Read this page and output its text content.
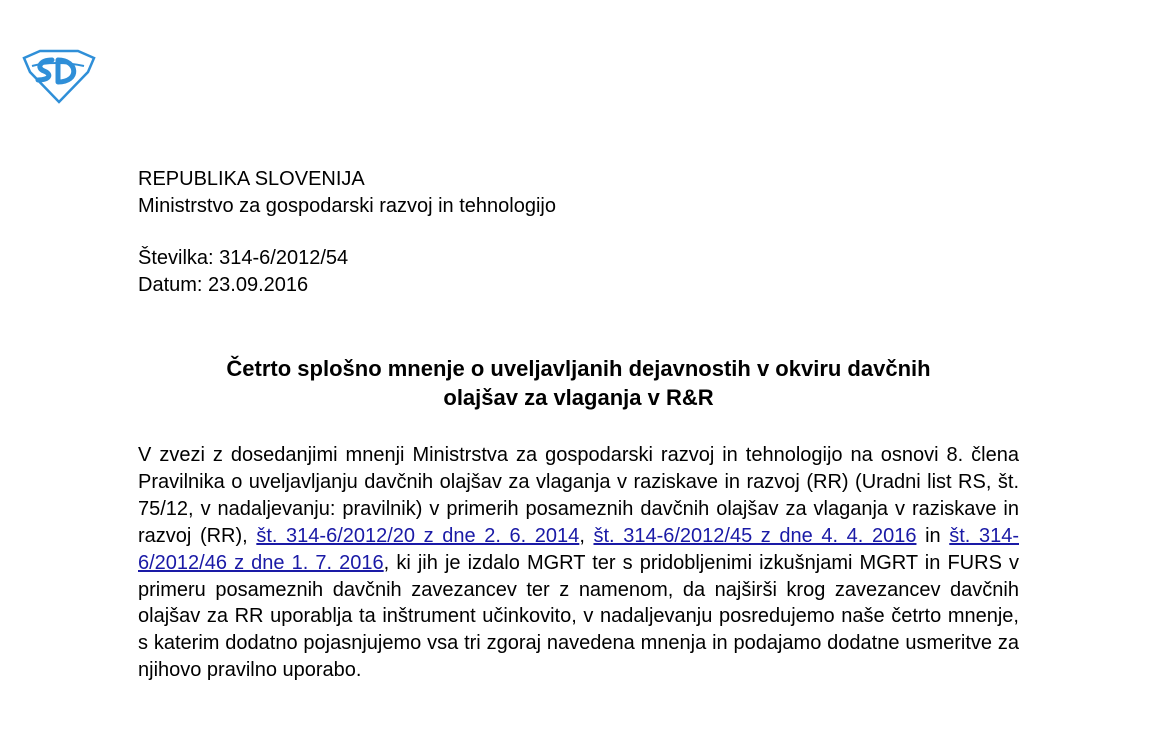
REPUBLIKA SLOVENIJA

Ministrstvo za gospodarski razvoj in tehnologijo

Številka: 314-6/2012/54

Datum: 23.09.2016

Četrto splošno mnenje o uveljavljanih dejavnostih v okviru davčnih
olajšav za vlaganja v R&R

V zvezi z dosedanjimi mnenji Ministrstva za gospodarski razvoj in tehnologijo na osnovi 8. člena Pravilnika o uveljavljanju davčnih olajšav za vlaganja v raziskave in razvoj (RR) (Uradni list RS, št. 75/12, v nadaljevanju: pravilnik) v primerih posameznih davčnih olajšav za vlaganja v raziskave in razvoj (RR), št. 314-6/2012/20 z dne 2. 6. 2014, št. 314-6/2012/45 z dne 4. 4. 2016 in št. 314-6/2012/46 z dne 1. 7. 2016, ki jih je izdalo MGRT ter s pridobljenimi izkušnjami MGRT in FURS v primeru posameznih davčnih zavezancev ter z namenom, da najširši krog zavezancev davčnih olajšav za RR uporablja ta inštrument učinkovito, v nadaljevanju posredujemo naše četrto mnenje, s katerim dodatno pojasnjujemo vsa tri zgoraj navedena mnenja in podajamo dodatne usmeritve za njihovo pravilno uporabo.
